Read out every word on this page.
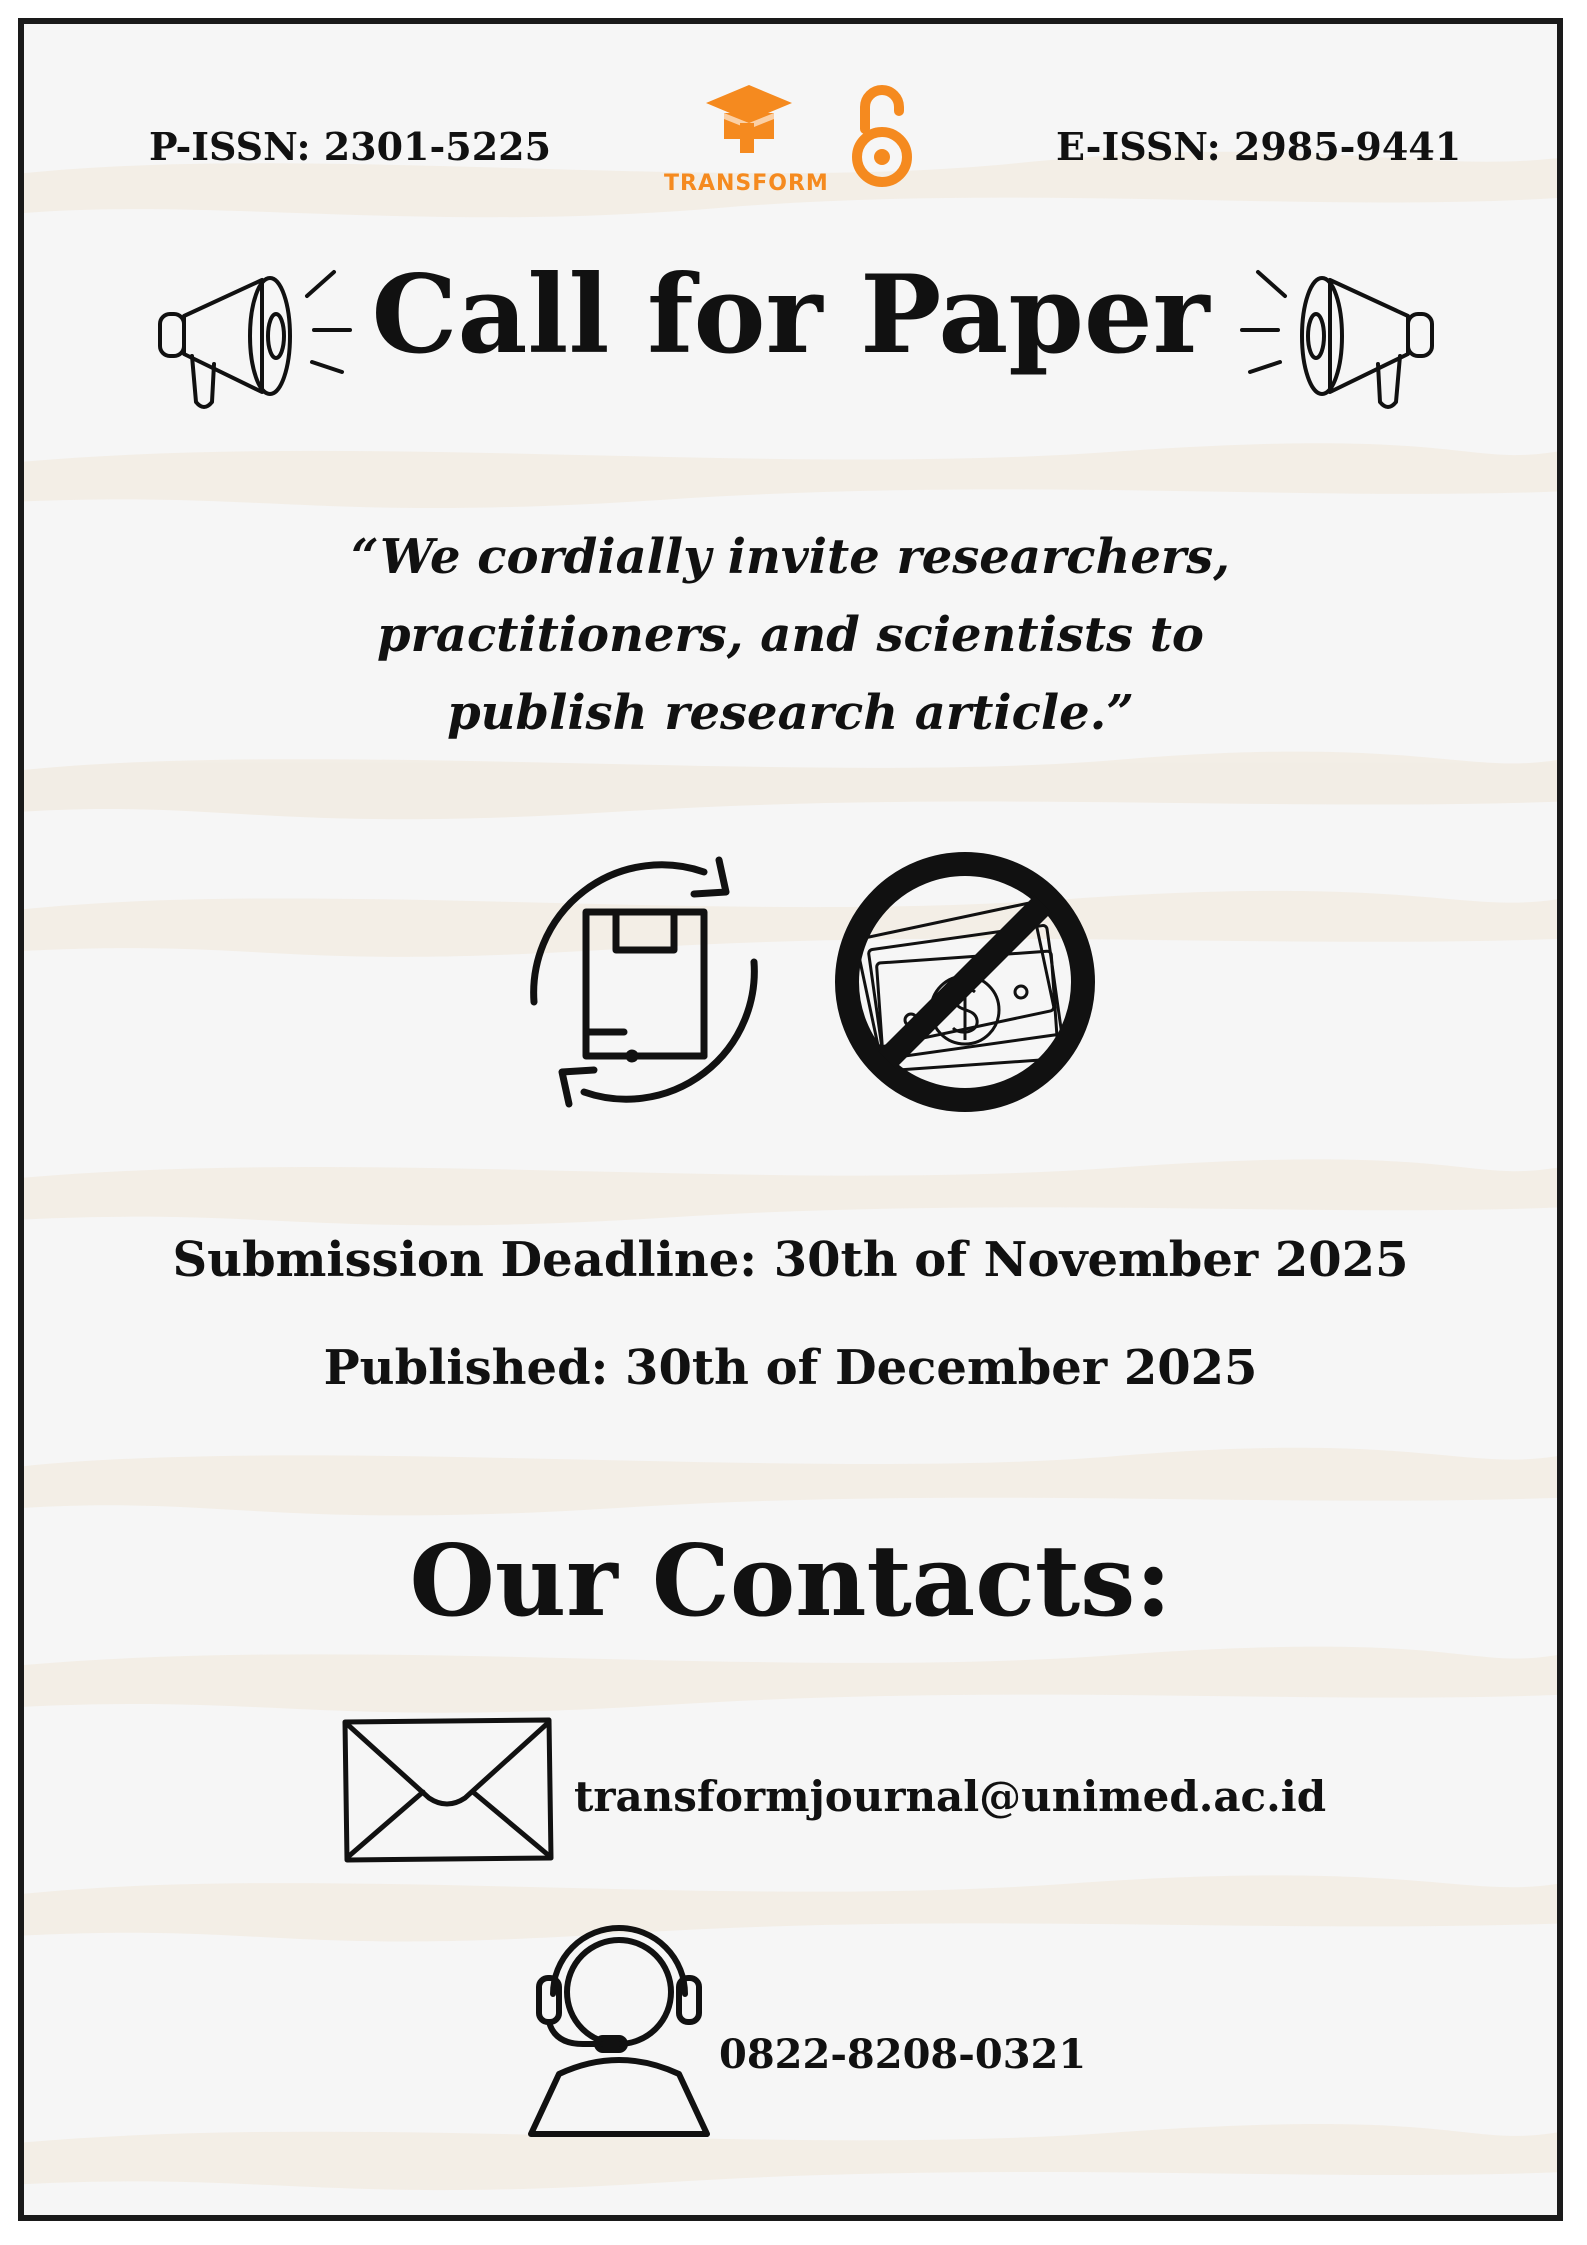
P-ISSN: 2301-5225	E-ISSN: 2985-9441
TRANSFORM
Call for Paper
“We cordially invite researchers,
practitioners, and scientists to
publish research article.”
Submission Deadline: 30th of November 2025
Published: 30th of December 2025
Our Contacts:
transformjournal@unimed.ac.id
0822-8208-0321
